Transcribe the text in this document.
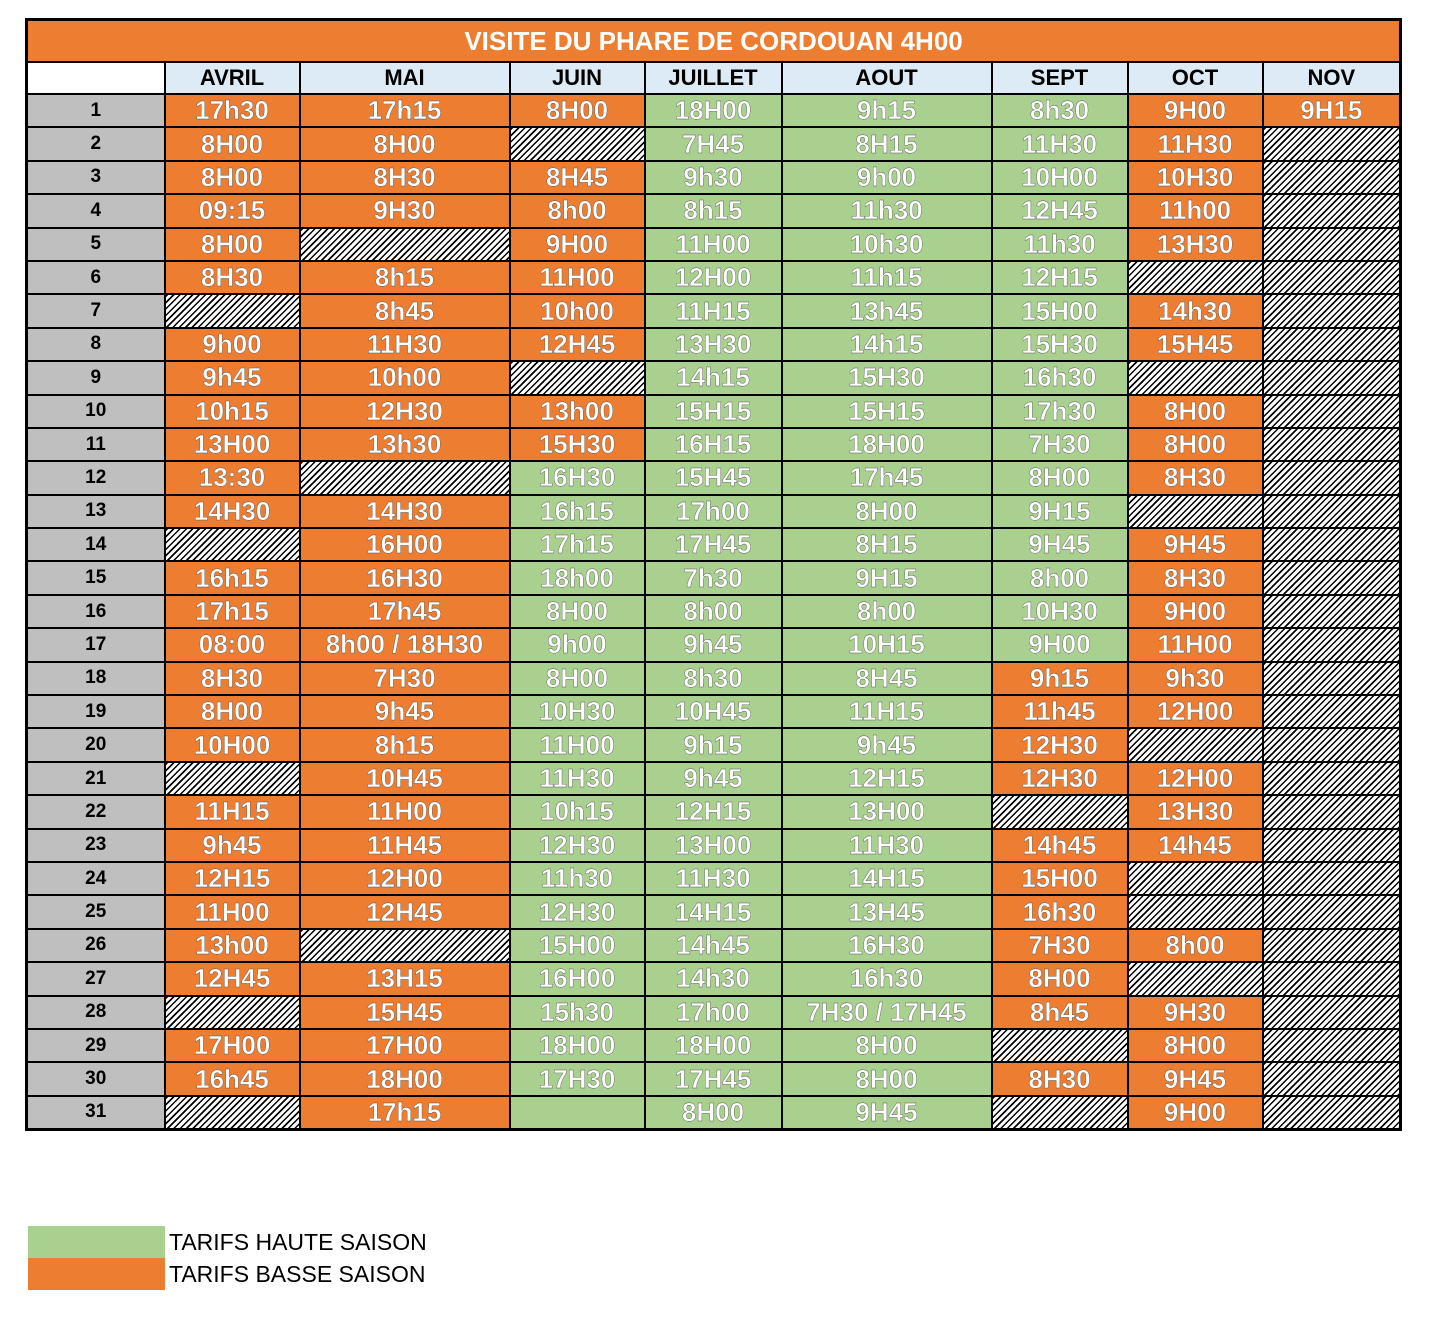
VISITE DU PHARE DE CORDOUAN 4H00								
	AVRIL	MAI	JUIN	JUILLET	AOUT	SEPT	OCT	NOV
1	17h30	17h15	8H00	18H00	9h15	8h30	9H00	9H15
2	8H00	8H00		7H45	8H15	11H30	11H30	
3	8H00	8H30	8H45	9h30	9h00	10H00	10H30	
4	09:15	9H30	8h00	8h15	11h30	12H45	11h00	
5	8H00		9H00	11H00	10h30	11h30	13H30	
6	8H30	8h15	11H00	12H00	11h15	12H15		
7		8h45	10h00	11H15	13h45	15H00	14h30	
8	9h00	11H30	12H45	13H30	14h15	15H30	15H45	
9	9h45	10h00		14h15	15H30	16h30		
10	10h15	12H30	13h00	15H15	15H15	17h30	8H00	
11	13H00	13h30	15H30	16H15	18H00	7H30	8H00	
12	13:30		16H30	15H45	17h45	8H00	8H30	
13	14H30	14H30	16h15	17h00	8H00	9H15		
14		16H00	17h15	17H45	8H15	9H45	9H45	
15	16h15	16H30	18h00	7h30	9H15	8h00	8H30	
16	17h15	17h45	8H00	8h00	8h00	10H30	9H00	
17	08:00	8h00 / 18H30	9h00	9h45	10H15	9H00	11H00	
18	8H30	7H30	8H00	8h30	8H45	9h15	9h30	
19	8H00	9h45	10H30	10H45	11H15	11h45	12H00	
20	10H00	8h15	11H00	9h15	9h45	12H30		
21		10H45	11H30	9h45	12H15	12H30	12H00	
22	11H15	11H00	10h15	12H15	13H00		13H30	
23	9h45	11H45	12H30	13H00	11H30	14h45	14h45	
24	12H15	12H00	11h30	11H30	14H15	15H00		
25	11H00	12H45	12H30	14H15	13H45	16h30		
26	13h00		15H00	14h45	16H30	7H30	8h00	
27	12H45	13H15	16H00	14h30	16h30	8H00		
28		15H45	15h30	17h00	7H30 / 17H45	8h45	9H30	
29	17H00	17H00	18H00	18H00	8H00		8H00	
30	16h45	18H00	17H30	17H45	8H00	8H30	9H45	
31		17h15		8H00	9H45		9H00	
TARIFS HAUTE SAISON
TARIFS BASSE SAISON
